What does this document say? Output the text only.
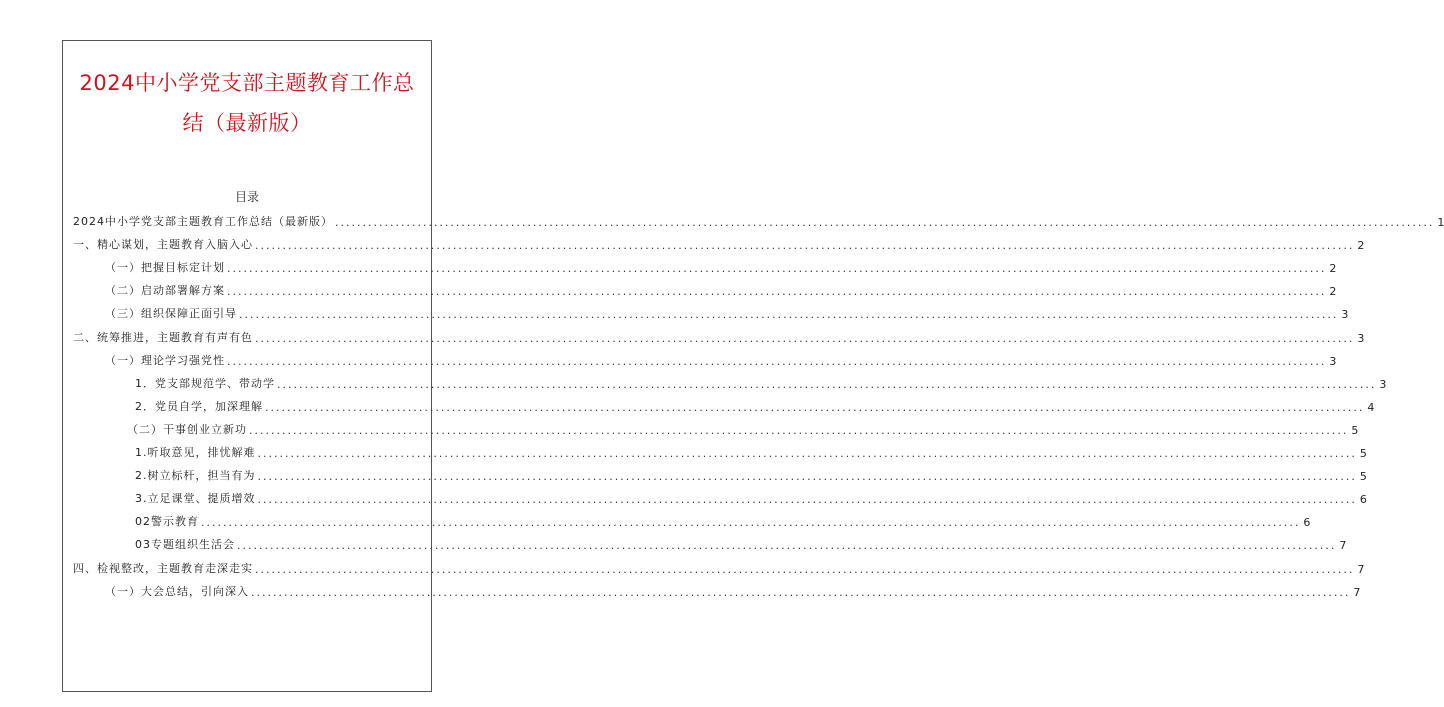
2024中小学党支部主题教育工作总结（最新版）
目录
2024中小学党支部主题教育工作总结（最新版） ........................................................................................................................................................................................................ 1
一、精心谋划，主题教育入脑入心 ........................................................................................................................................................................................................ 2
（一）把握目标定计划 ........................................................................................................................................................................................................ 2
（二）启动部署解方案 ........................................................................................................................................................................................................ 2
（三）组织保障正面引导 ........................................................................................................................................................................................................ 3
二、统筹推进，主题教育有声有色 ........................................................................................................................................................................................................ 3
（一）理论学习强党性 ........................................................................................................................................................................................................ 3
1．党支部规范学、带动学 ........................................................................................................................................................................................................ 3
2．党员自学，加深理解 ........................................................................................................................................................................................................ 4
（二）干事创业立新功 ........................................................................................................................................................................................................ 5
1.听取意见，排忧解难 ........................................................................................................................................................................................................ 5
2.树立标杆，担当有为 ........................................................................................................................................................................................................ 5
3.立足课堂、提质增效 ........................................................................................................................................................................................................ 6
02警示教育 ........................................................................................................................................................................................................ 6
03专题组织生活会 ........................................................................................................................................................................................................ 7
四、检视整改，主题教育走深走实 ........................................................................................................................................................................................................ 7
（一）大会总结，引向深入 ........................................................................................................................................................................................................ 7
